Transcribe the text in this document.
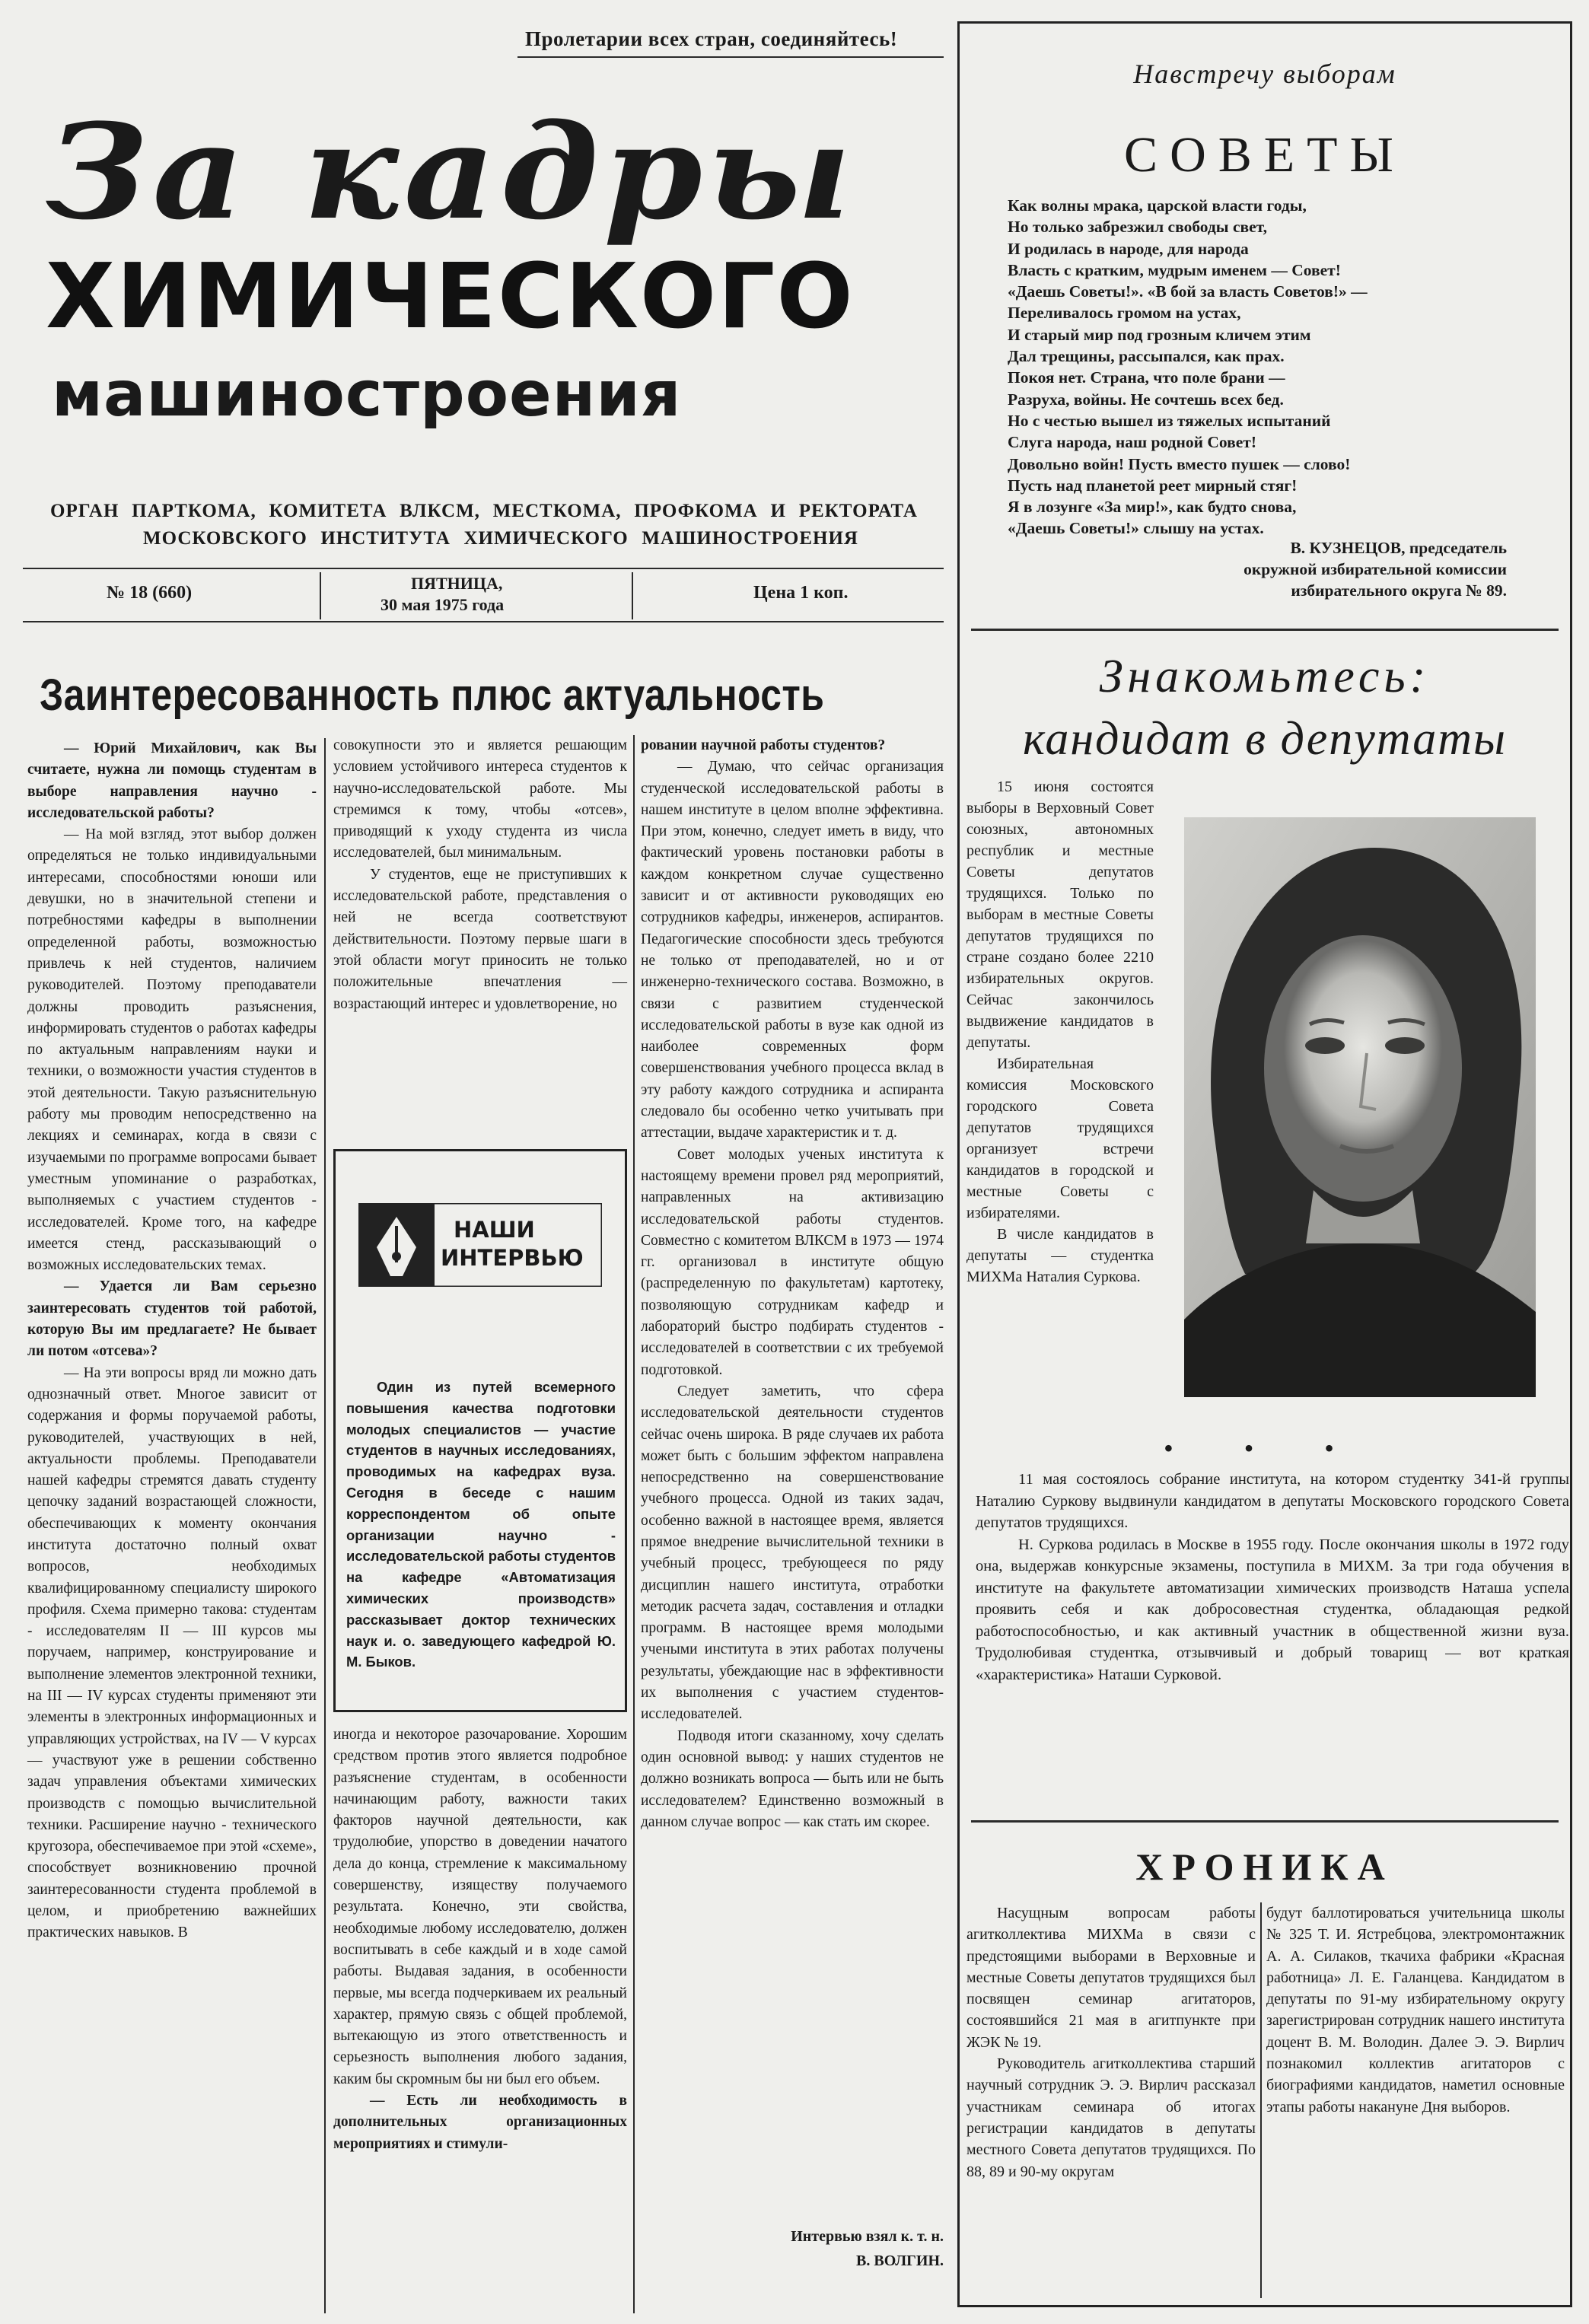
Пролетарии всех стран, соединяйтесь!
За кадры
ХИМИЧЕСКОГО
машиностроения
ОРГАН ПАРТКОМА, КОМИТЕТА ВЛКСМ, МЕСТКОМА, ПРОФКОМА И РЕКТОРАТА
МОСКОВСКОГО ИНСТИТУТА ХИМИЧЕСКОГО МАШИНОСТРОЕНИЯ
№ 18 (660)	ПЯТНИЦА,
30 мая 1975 года
Цена 1 коп.
Заинтересованность плюс актуальность

— Юрий Михайлович, как Вы считаете, нужна ли помощь студентам в выборе направления научно - исследовательской работы?

— На мой взгляд, этот выбор должен определяться не только индивидуальными интересами, способностями юноши или девушки, но в значительной степени и потребностями кафедры в выполнении определенной работы, возможностью привлечь к ней студентов, наличием руководителей. Поэтому преподаватели должны проводить разъяснения, информировать студентов о работах кафедры по актуальным направлениям науки и техники, о возможности участия студентов в этой деятельности. Такую разъяснительную работу мы проводим непосредственно на лекциях и семинарах, когда в связи с изучаемыми по программе вопросами бывает уместным упоминание о разработках, выполняемых с участием студентов - исследователей. Кроме того, на кафедре имеется стенд, рассказывающий о возможных исследовательских темах.

— Удается ли Вам серьезно заинтересовать студентов той работой, которую Вы им предлагаете? Не бывает ли потом «отсева»?

— На эти вопросы вряд ли можно дать однозначный ответ. Многое зависит от содержания и формы поручаемой работы, руководителей, участвующих в ней, актуальности проблемы. Преподаватели нашей кафедры стремятся давать студенту цепочку заданий возрастающей сложности, обеспечивающих к моменту окончания института достаточно полный охват вопросов, необходимых квалифицированному специалисту широкого профиля. Схема примерно такова: студентам - исследователям II — III курсов мы поручаем, например, конструирование и выполнение элементов электронной техники, на III — IV курсах студенты применяют эти элементы в электронных информационных и управляющих устройствах, на IV — V курсах — участвуют уже в решении собственно задач управления объектами химических производств с помощью вычислительной техники. Расширение научно - технического кругозора, обеспечиваемое при этой «схеме», способствует возникновению прочной заинтересованности студента проблемой в целом, и приобретению важнейших практических навыков. В

совокупности это и является решающим условием устойчивого интереса студентов к научно-исследовательской работе. Мы стремимся к тому, чтобы «отсев», приводящий к уходу студента из числа исследователей, был минимальным.

У студентов, еще не приступивших к исследовательской работе, представления о ней не всегда соответствуют действительности. Поэтому первые шаги в этой области могут приносить не только положительные впечатления — возрастающий интерес и удовлетворение, но

НАШИ
ИНТЕРВЬЮ

Один из путей всемерного повышения качества подготовки молодых специалистов — участие студентов в научных исследованиях, проводимых на кафедрах вуза. Сегодня в беседе с нашим корреспондентом об опыте организации научно - исследовательской работы студентов на кафедре «Автоматизация химических производств» рассказывает доктор технических наук и. о. заведующего кафедрой Ю. М. Быков.

иногда и некоторое разочарование. Хорошим средством против этого является подробное разъяснение студентам, в особенности начинающим работу, важности таких факторов научной деятельности, как трудолюбие, упорство в доведении начатого дела до конца, стремление к максимальному совершенству, изяществу получаемого результата. Конечно, эти свойства, необходимые любому исследователю, должен воспитывать в себе каждый и в ходе самой работы. Выдавая задания, в особенности первые, мы всегда подчеркиваем их реальный характер, прямую связь с общей проблемой, вытекающую из этого ответственность и серьезность выполнения любого задания, каким бы скромным бы ни был его объем.

— Есть ли необходимость в дополнительных организационных мероприятиях и стимули-

ровании научной работы студентов?

— Думаю, что сейчас организация студенческой исследовательской работы в нашем институте в целом вполне эффективна. При этом, конечно, следует иметь в виду, что фактический уровень постановки работы в каждом конкретном случае существенно зависит и от активности руководящих ею сотрудников кафедры, инженеров, аспирантов. Педагогические способности здесь требуются не только от преподавателей, но и от инженерно-технического состава. Возможно, в связи с развитием студенческой исследовательской работы в вузе как одной из наиболее современных форм совершенствования учебного процесса вклад в эту работу каждого сотрудника и аспиранта следовало бы особенно четко учитывать при аттестации, выдаче характеристик и т. д.

Совет молодых ученых института к настоящему времени провел ряд мероприятий, направленных на активизацию исследовательской работы студентов. Совместно с комитетом ВЛКСМ в 1973 — 1974 гг. организовал в институте общую (распределенную по факультетам) картотеку, позволяющую сотрудникам кафедр и лабораторий быстро подбирать студентов - исследователей в соответствии с их требуемой подготовкой.

Следует заметить, что сфера исследовательской деятельности студентов сейчас очень широка. В ряде случаев их работа может быть с большим эффектом направлена непосредственно на совершенствование учебного процесса. Одной из таких задач, особенно важной в настоящее время, является прямое внедрение вычислительной техники в учебный процесс, требующееся по ряду дисциплин нашего института, отработки методик расчета задач, составления и отладки программ. В настоящее время молодыми учеными института в этих работах получены результаты, убеждающие нас в эффективности их выполнения с участием студентов-исследователей.

Подводя итоги сказанному, хочу сделать один основной вывод: у наших студентов не должно возникать вопроса — быть или не быть исследователем? Единственно возможный в данном случае вопрос — как стать им скорее.

Интервью взял к. т. н.
В. ВОЛГИН.
Навстречу выборам
СОВЕТЫ
Как волны мрака, царской власти годы,
Но только забрезжил свободы свет,
И родилась в народе, для народа
Власть с кратким, мудрым именем — Совет!
«Даешь Советы!». «В бой за власть Советов!» —
Переливалось громом на устах,
И старый мир под грозным кличем этим
Дал трещины, рассыпался, как прах.
Покоя нет. Страна, что поле брани —
Разруха, войны. Не сочтешь всех бед.
Но с честью вышел из тяжелых испытаний
Слуга народа, наш родной Совет!
Довольно войн! Пусть вместо пушек — слово!
Пусть над планетой реет мирный стяг!
Я в лозунге «За мир!», как будто снова,
«Даешь Советы!» слышу на устах.
В. КУЗНЕЦОВ, председатель
окружной избирательной комиссии
избирательного округа № 89.
Знакомьтесь:
кандидат в депутаты

15 июня состоятся выборы в Верховный Совет союзных, автономных республик и местные Советы депутатов трудящихся. Только по выборам в местные Советы депутатов трудящихся по стране создано более 2210 избирательных округов. Сейчас закончилось выдвижение кандидатов в депутаты.

Избирательная комиссия Московского городского Совета депутатов трудящихся организует встречи кандидатов в городской и местные Советы с избирателями.

В числе кандидатов в депутаты — студентка МИХМа Наталия Суркова.

• • •

11 мая состоялось собрание института, на котором студентку 341-й группы Наталию Суркову выдвинули кандидатом в депутаты Московского городского Совета депутатов трудящихся.

Н. Суркова родилась в Москве в 1955 году. После окончания школы в 1972 году она, выдержав конкурсные экзамены, поступила в МИХМ. За три года обучения в институте на факультете автоматизации химических производств Наташа успела проявить себя и как добросовестная студентка, обладающая редкой работоспособностью, и как активный участник в общественной жизни вуза. Трудолюбивая студентка, отзывчивый и добрый товарищ — вот краткая «характеристика» Наташи Сурковой.

ХРОНИКА

Насущным вопросам работы агитколлектива МИХМа в связи с предстоящими выборами в Верховные и местные Советы депутатов трудящихся был посвящен семинар агитаторов, состоявшийся 21 мая в агитпункте при ЖЭК № 19.

Руководитель агитколлектива старший научный сотрудник Э. Э. Вирлич рассказал участникам семинара об итогах регистрации кандидатов в депутаты местного Совета депутатов трудящихся. По 88, 89 и 90-му округам

будут баллотироваться учительница школы № 325 Т. И. Ястребцова, электромонтажник А. А. Силаков, ткачиха фабрики «Красная работница» Л. Е. Галанцева. Кандидатом в депутаты по 91-му избирательному округу зарегистрирован сотрудник нашего института доцент В. М. Володин. Далее Э. Э. Вирлич познакомил коллектив агитаторов с биографиями кандидатов, наметил основные этапы работы накануне Дня выборов.
